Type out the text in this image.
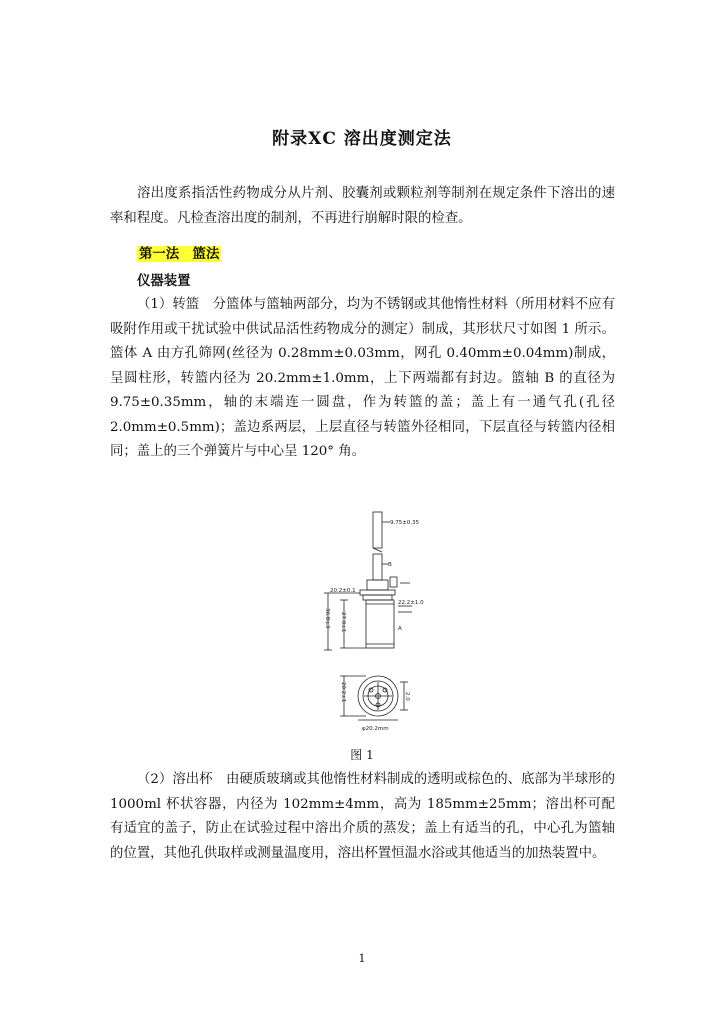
附录ⅩC 溶出度测定法

溶出度系指活性药物成分从片剂、胶囊剂或颗粒剂等制剂在规定条件下溶出的速率和程度。凡检查溶出度的制剂，不再进行崩解时限的检查。

第一法　篮法
仪器装置

（1）转篮　分篮体与篮轴两部分，均为不锈钢或其他惰性材料（所用材料不应有吸附作用或干扰试验中供试品活性药物成分的测定）制成，其形状尺寸如图 1 所示。篮体 A 由方孔筛网(丝径为 0.28mm±0.03mm，网孔 0.40mm±0.04mm)制成，呈圆柱形，转篮内径为 20.2mm±1.0mm，上下两端都有封边。篮轴 B 的直径为 9.75±0.35mm，轴的末端连一圆盘，作为转篮的盖；盖上有一通气孔(孔径 2.0mm±0.5mm)；盖边系两层，上层直径与转篮外径相同，下层直径与转篮内径相同；盖上的三个弹簧片与中心呈 120° 角。

9.75±0.35
B
20.2±0.1
22.2±1.0
A
36.8±3 27.0±1
20.2±1	2.0
φ20.2mm
图 1

（2）溶出杯　由硬质玻璃或其他惰性材料制成的透明或棕色的、底部为半球形的 1000ml 杯状容器，内径为 102mm±4mm，高为 185mm±25mm；溶出杯可配有适宜的盖子，防止在试验过程中溶出介质的蒸发；盖上有适当的孔，中心孔为篮轴的位置，其他孔供取样或测量温度用，溶出杯置恒温水浴或其他适当的加热装置中。

1
